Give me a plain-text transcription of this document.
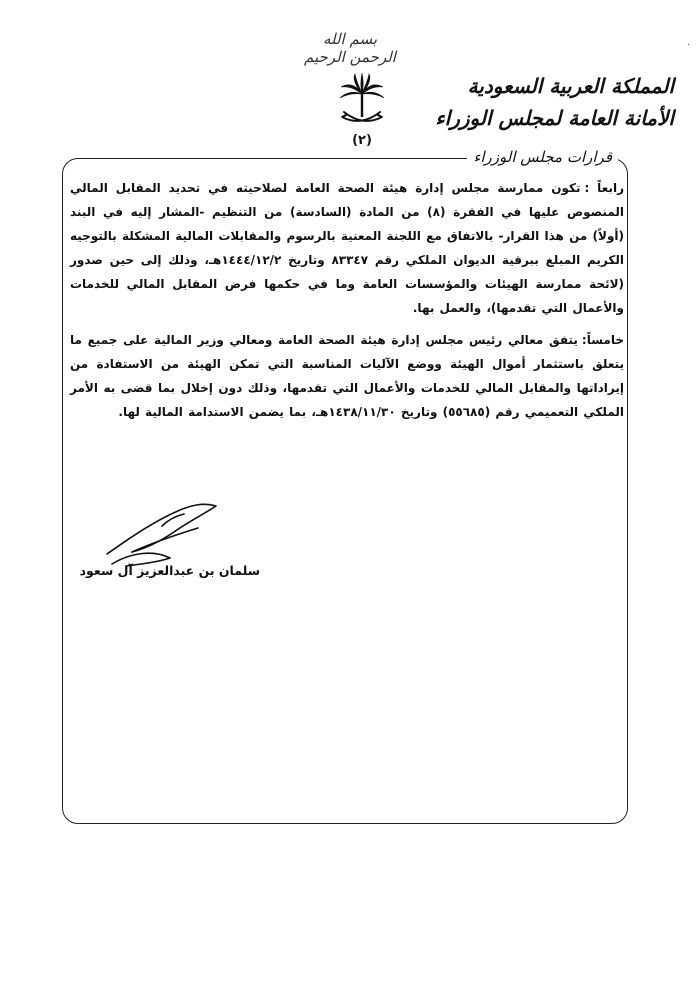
·
بسم الله الرحمن الرحيم
(٢)
المملكة العربية السعودية
الأمانة العامة لمجلس الوزراء
قرارات مجلس الوزراء
رابعاً :تكون ممارسة مجلس إدارة هيئة الصحة العامة لصلاحيته في تحديد المقابل المالي المنصوص عليها في الفقرة (٨) من المادة (السادسة) من التنظيم -المشار إليه في البند (أولاً) من هذا القرار- بالاتفاق مع اللجنة المعنية بالرسوم والمقابلات المالية المشكلة بالتوجيه الكريم المبلغ ببرقية الديوان الملكي رقم ٨٣٣٤٧ وتاريخ ١٤٤٤/١٢/٢هـ، وذلك إلى حين صدور (لائحة ممارسة الهيئات والمؤسسات العامة وما في حكمها فرض المقابل المالي للخدمات والأعمال التي تقدمها)، والعمل بها.
خامساً:يتفق معالي رئيس مجلس إدارة هيئة الصحة العامة ومعالي وزير المالية على جميع ما يتعلق باستثمار أموال الهيئة ووضع الآليات المناسبة التي تمكن الهيئة من الاستفادة من إيراداتها والمقابل المالي للخدمات والأعمال التي تقدمها، وذلك دون إخلال بما قضى به الأمر الملكي التعميمي رقم (٥٥٦٨٥) وتاريخ ١٤٣٨/١١/٣٠هـ، بما يضمن الاستدامة المالية لها.
سلمان بن عبدالعزيز آل سعود
